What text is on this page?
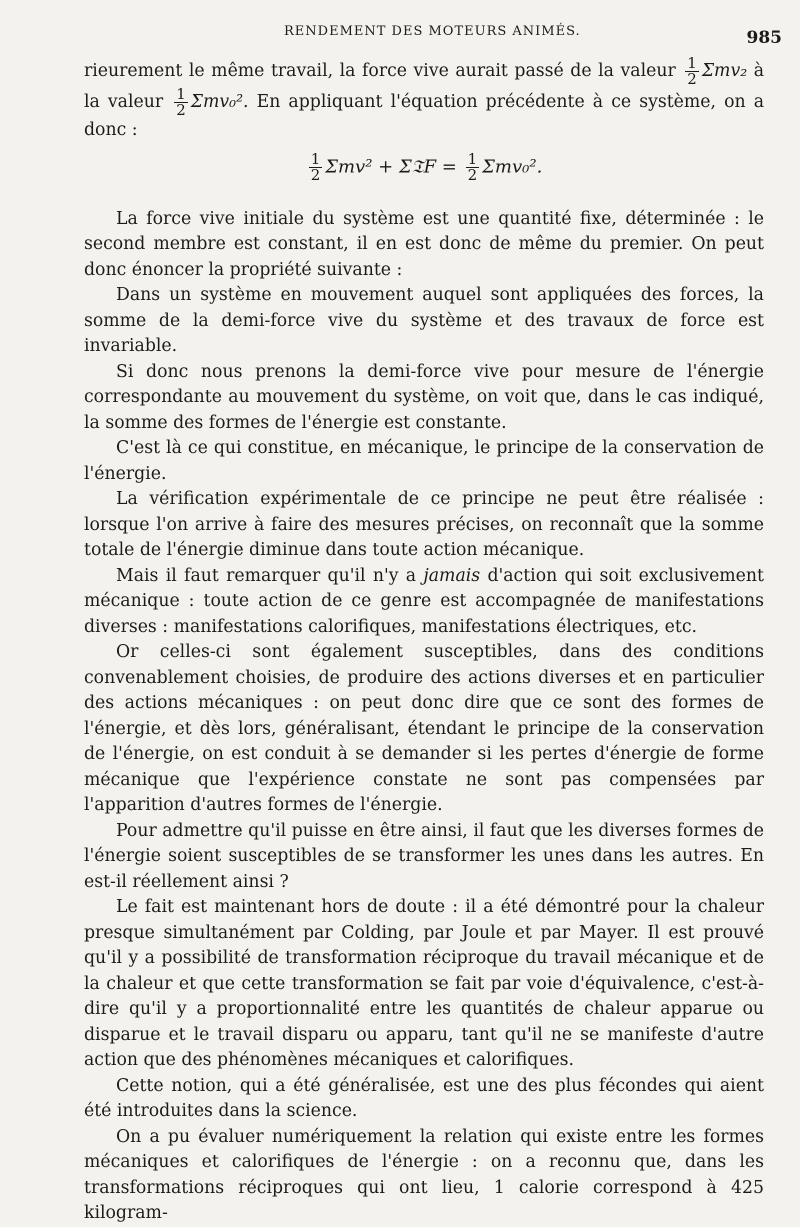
RENDEMENT DES MOTEURS ANIMÉS.	985

rieurement le même travail, la force vive aurait passé de la valeur $\frac{1}{2} \Sigma mv_2$ à la valeur $\frac{1}{2} \Sigma mv_0^2$. En appliquant l'équation précédente à ce système, on a donc :

$\frac{1}{2} \Sigma mv^2$ + Σ𝔗F = $\frac{1}{2} \Sigma mv_0^2$.

La force vive initiale du système est une quantité fixe, déterminée : le second membre est constant, il en est donc de même du premier. On peut donc énoncer la propriété suivante :

Dans un système en mouvement auquel sont appliquées des forces, la somme de la demi-force vive du système et des travaux de force est invariable.

Si donc nous prenons la demi-force vive pour mesure de l'énergie correspondante au mouvement du système, on voit que, dans le cas indiqué, la somme des formes de l'énergie est constante.

C'est là ce qui constitue, en mécanique, le principe de la conservation de l'énergie.

La vérification expérimentale de ce principe ne peut être réalisée : lorsque l'on arrive à faire des mesures précises, on reconnaît que la somme totale de l'énergie diminue dans toute action mécanique.

Mais il faut remarquer qu'il n'y a jamais d'action qui soit exclusivement mécanique : toute action de ce genre est accompagnée de manifestations diverses : manifestations calorifiques, manifestations électriques, etc.

Or celles-ci sont également susceptibles, dans des conditions convenablement choisies, de produire des actions diverses et en particulier des actions mécaniques : on peut donc dire que ce sont des formes de l'énergie, et dès lors, généralisant, étendant le principe de la conservation de l'énergie, on est conduit à se demander si les pertes d'énergie de forme mécanique que l'expérience constate ne sont pas compensées par l'apparition d'autres formes de l'énergie.

Pour admettre qu'il puisse en être ainsi, il faut que les diverses formes de l'énergie soient susceptibles de se transformer les unes dans les autres. En est-il réellement ainsi ?

Le fait est maintenant hors de doute : il a été démontré pour la chaleur presque simultanément par Colding, par Joule et par Mayer. Il est prouvé qu'il y a possibilité de transformation réciproque du travail mécanique et de la chaleur et que cette transformation se fait par voie d'équivalence, c'est-à-dire qu'il y a proportionnalité entre les quantités de chaleur apparue ou disparue et le travail disparu ou apparu, tant qu'il ne se manifeste d'autre action que des phénomènes mécaniques et calorifiques.

Cette notion, qui a été généralisée, est une des plus fécondes qui aient été introduites dans la science.

On a pu évaluer numériquement la relation qui existe entre les formes mécaniques et calorifiques de l'énergie : on a reconnu que, dans les transformations réciproques qui ont lieu, 1 calorie correspond à 425 kilogram-
